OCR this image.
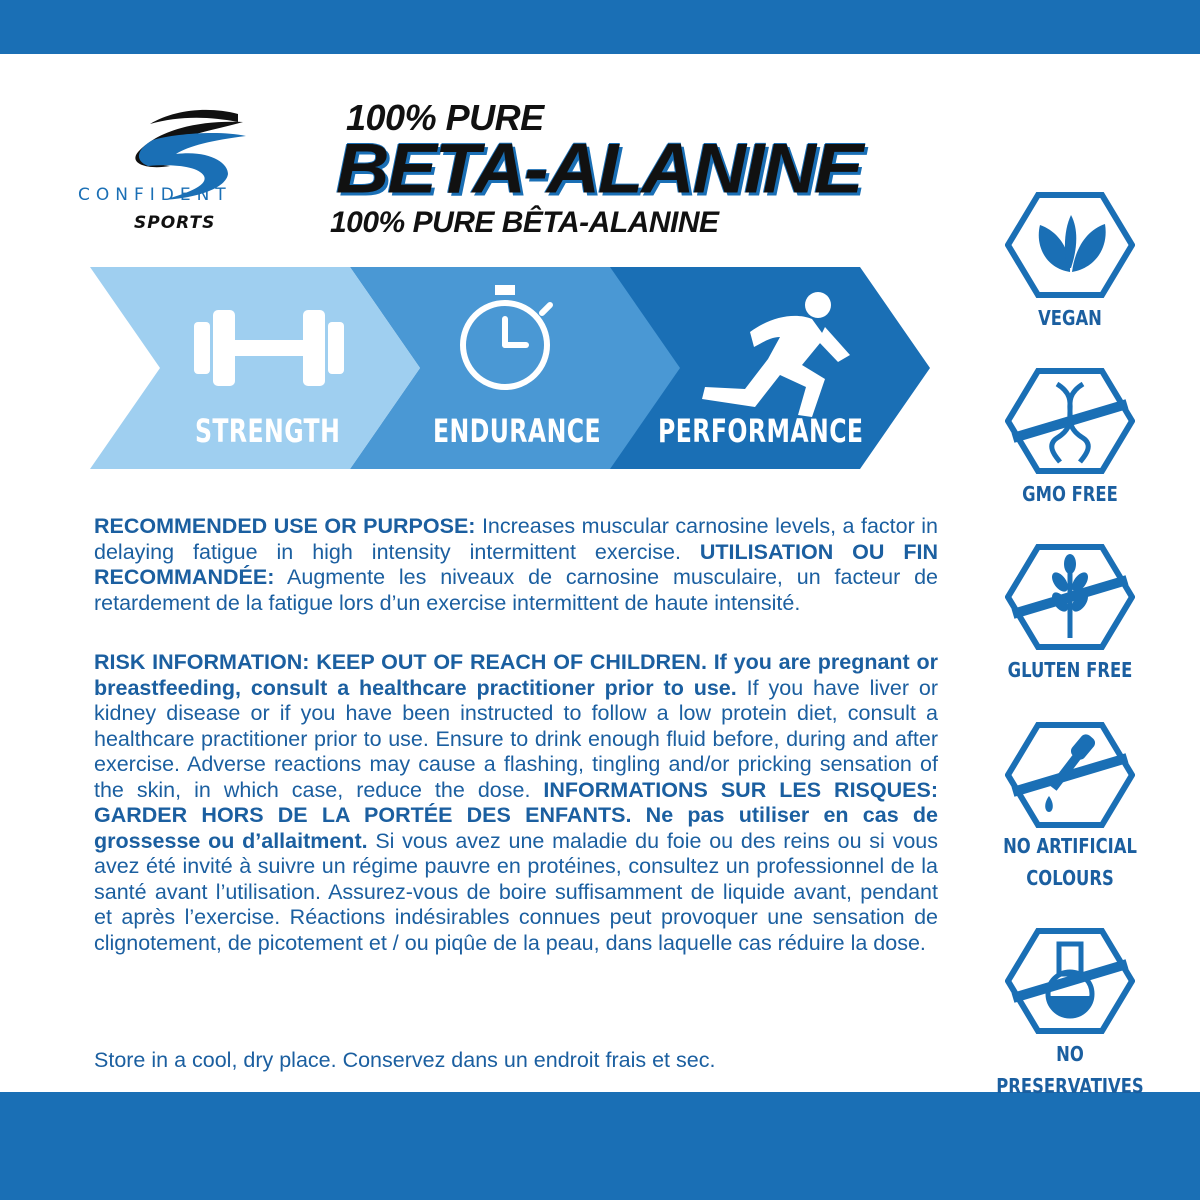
CONFIDENT
SPORTS
100% PURE
BETA-ALANINE
100% PURE BÊTA-ALANINE
STRENGTH	ENDURANCE PERFORMANCE
RECOMMENDED USE OR PURPOSE: Increases muscular carnosine levels, a factor in delaying fatigue in high intensity intermittent exercise. UTILISATION OU FIN RECOMMANDÉE: Augmente les niveaux de carnosine musculaire, un facteur de retardement de la fatigue lors d’un exercise intermittent de haute intensité.
RISK INFORMATION: KEEP OUT OF REACH OF CHILDREN. If you are pregnant or breastfeeding, consult a healthcare practitioner prior to use. If you have liver or kidney disease or if you have been instructed to follow a low protein diet, consult a healthcare practitioner prior to use. Ensure to drink enough fluid before, during and after exercise. Adverse reactions may cause a flashing, tingling and/or pricking sensation of the skin, in which case, reduce the dose. INFORMATIONS SUR LES RISQUES: GARDER HORS DE LA PORTÉE DES ENFANTS. Ne pas utiliser en cas de grossesse ou d’allaitment. Si vous avez une maladie du foie ou des reins ou si vous avez été invité à suivre un régime pauvre en protéines, consultez un professionnel de la santé avant l’utilisation. Assurez-vous de boire suffisamment de liquide avant, pendant et après l’exercise. Réactions indésirables connues peut provoquer une sensation de clignotement, de picotement et / ou piqûe de la peau, dans laquelle cas réduire la dose.
Store in a cool, dry place. Conservez dans un endroit frais et sec.
VEGAN
GMO FREE
GLUTEN FREE
NO ARTIFICIAL
COLOURS
NO PRESERVATIVES
